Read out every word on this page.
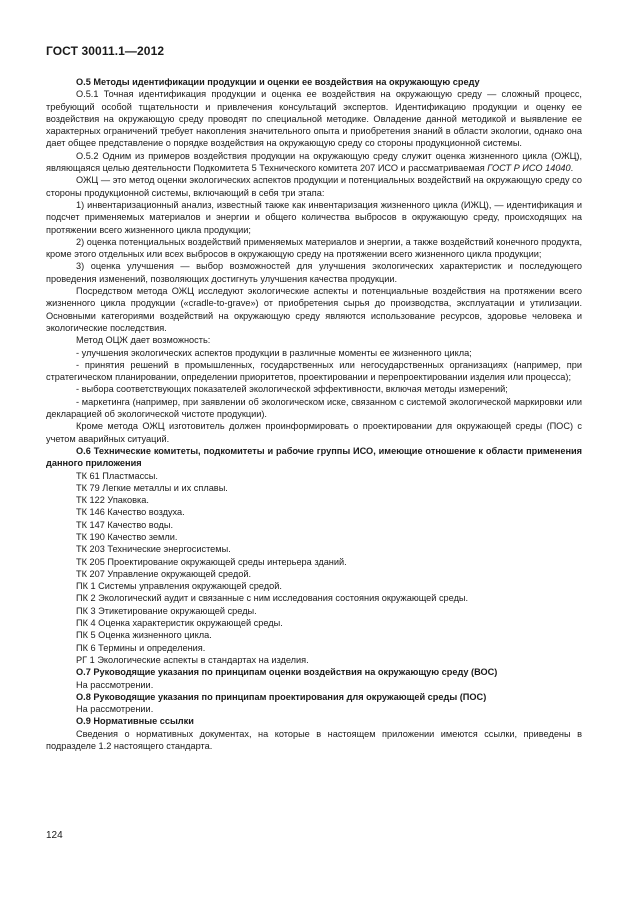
ГОСТ 30011.1—2012

О.5 Методы идентификации продукции и оценки ее воздействия на окружающую среду

О.5.1 Точная идентификация продукции и оценка ее воздействия на окружающую среду — сложный процесс, требующий особой тщательности и привлечения консультаций экспертов. Идентификацию продукции и оценку ее воздействия на окружающую среду проводят по специальной методике. Овладение данной методикой и выявление ее характерных ограничений требует накопления значительного опыта и приобретения знаний в области экологии, однако она дает общее представление о порядке воздействия на окружающую среду со стороны продукционной системы.

О.5.2 Одним из примеров воздействия продукции на окружающую среду служит оценка жизненного цикла (ОЖЦ), являющаяся целью деятельности Подкомитета 5 Технического комитета 207 ИСО и рассматриваемая ГОСТ Р ИСО 14040.

ОЖЦ — это метод оценки экологических аспектов продукции и потенциальных воздействий на окружающую среду со стороны продукционной системы, включающий в себя три этапа:

1) инвентаризационный анализ, известный также как инвентаризация жизненного цикла (ИЖЦ), — идентификация и подсчет применяемых материалов и энергии и общего количества выбросов в окружающую среду, происходящих на протяжении всего жизненного цикла продукции;

2) оценка потенциальных воздействий применяемых материалов и энергии, а также воздействий конечного продукта, кроме этого отдельных или всех выбросов в окружающую среду на протяжении всего жизненного цикла продукции;

3) оценка улучшения — выбор возможностей для улучшения экологических характеристик и последующего проведения изменений, позволяющих достигнуть улучшения качества продукции.

Посредством метода ОЖЦ исследуют экологические аспекты и потенциальные воздействия на протяжении всего жизненного цикла продукции («cradle-to-grave») от приобретения сырья до производства, эксплуатации и утилизации. Основными категориями воздействий на окружающую среду являются использование ресурсов, здоровье человека и экологические последствия.

Метод ОЦЖ дает возможность:

- улучшения экологических аспектов продукции в различные моменты ее жизненного цикла;

- принятия решений в промышленных, государственных или негосударственных организациях (например, при стратегическом планировании, определении приоритетов, проектировании и перепроектировании изделия или процесса);

- выбора соответствующих показателей экологической эффективности, включая методы измерений;

- маркетинга (например, при заявлении об экологическом иске, связанном с системой экологической маркировки или декларацией об экологической чистоте продукции).

Кроме метода ОЖЦ изготовитель должен проинформировать о проектировании для окружающей среды (ПОС) с учетом аварийных ситуаций.

О.6 Технические комитеты, подкомитеты и рабочие группы ИСО, имеющие отношение к области применения данного приложения

ТК 61 Пластмассы.
ТК 79 Легкие металлы и их сплавы.
ТК 122 Упаковка.
ТК 146 Качество воздуха.
ТК 147 Качество воды.
ТК 190 Качество земли.
ТК 203 Технические энергосистемы.
ТК 205 Проектирование окружающей среды интерьера зданий.
ТК 207 Управление окружающей средой.
ПК 1 Системы управления окружающей средой.
ПК 2 Экологический аудит и связанные с ним исследования состояния окружающей среды.
ПК 3 Этикетирование окружающей среды.
ПК 4 Оценка характеристик окружающей среды.
ПК 5 Оценка жизненного цикла.
ПК 6 Термины и определения.
РГ 1 Экологические аспекты в стандартах на изделия.

О.7 Руководящие указания по принципам оценки воздействия на окружающую среду (ВОС)

На рассмотрении.

О.8 Руководящие указания по принципам проектирования для окружающей среды (ПОС)

На рассмотрении.

О.9 Нормативные ссылки

Сведения о нормативных документах, на которые в настоящем приложении имеются ссылки, приведены в подразделе 1.2 настоящего стандарта.

124
